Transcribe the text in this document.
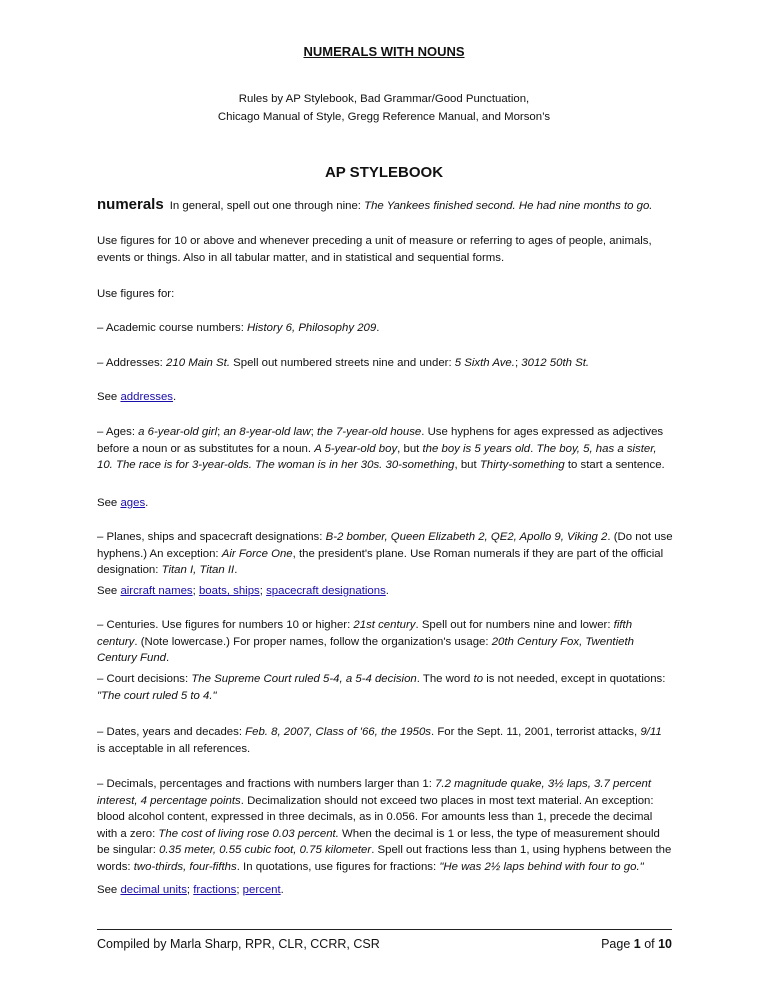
NUMERALS WITH NOUNS
Rules by AP Stylebook, Bad Grammar/Good Punctuation,
Chicago Manual of Style, Gregg Reference Manual, and Morson’s
AP STYLEBOOK

numerals In general, spell out one through nine: The Yankees finished second. He had nine months to go.

Use figures for 10 or above and whenever preceding a unit of measure or referring to ages of people, animals, events or things. Also in all tabular matter, and in statistical and sequential forms.

Use figures for:

– Academic course numbers: History 6, Philosophy 209.

– Addresses: 210 Main St. Spell out numbered streets nine and under: 5 Sixth Ave.; 3012 50th St.

See addresses.

– Ages: a 6-year-old girl; an 8-year-old law; the 7-year-old house. Use hyphens for ages expressed as adjectives before a noun or as substitutes for a noun. A 5-year-old boy, but the boy is 5 years old. The boy, 5, has a sister, 10. The race is for 3-year-olds. The woman is in her 30s. 30-something, but Thirty-something to start a sentence.

See ages.

– Planes, ships and spacecraft designations: B-2 bomber, Queen Elizabeth 2, QE2, Apollo 9, Viking 2. (Do not use hyphens.) An exception: Air Force One, the president's plane. Use Roman numerals if they are part of the official designation: Titan I, Titan II.

See aircraft names; boats, ships; spacecraft designations.

– Centuries. Use figures for numbers 10 or higher: 21st century. Spell out for numbers nine and lower: fifth century. (Note lowercase.) For proper names, follow the organization's usage: 20th Century Fox, Twentieth Century Fund.

– Court decisions: The Supreme Court ruled 5-4, a 5-4 decision. The word to is not needed, except in quotations: "The court ruled 5 to 4."

– Dates, years and decades: Feb. 8, 2007, Class of '66, the 1950s. For the Sept. 11, 2001, terrorist attacks, 9/11 is acceptable in all references.

– Decimals, percentages and fractions with numbers larger than 1: 7.2 magnitude quake, 3½ laps, 3.7 percent interest, 4 percentage points. Decimalization should not exceed two places in most text material. An exception: blood alcohol content, expressed in three decimals, as in 0.056. For amounts less than 1, precede the decimal with a zero: The cost of living rose 0.03 percent. When the decimal is 1 or less, the type of measurement should be singular: 0.35 meter, 0.55 cubic foot, 0.75 kilometer. Spell out fractions less than 1, using hyphens between the words: two-thirds, four-fifths. In quotations, use figures for fractions: "He was 2½ laps behind with four to go."

See decimal units; fractions; percent.

Compiled by Marla Sharp, RPR, CLR, CCRR, CSR	Page 1 of 10
